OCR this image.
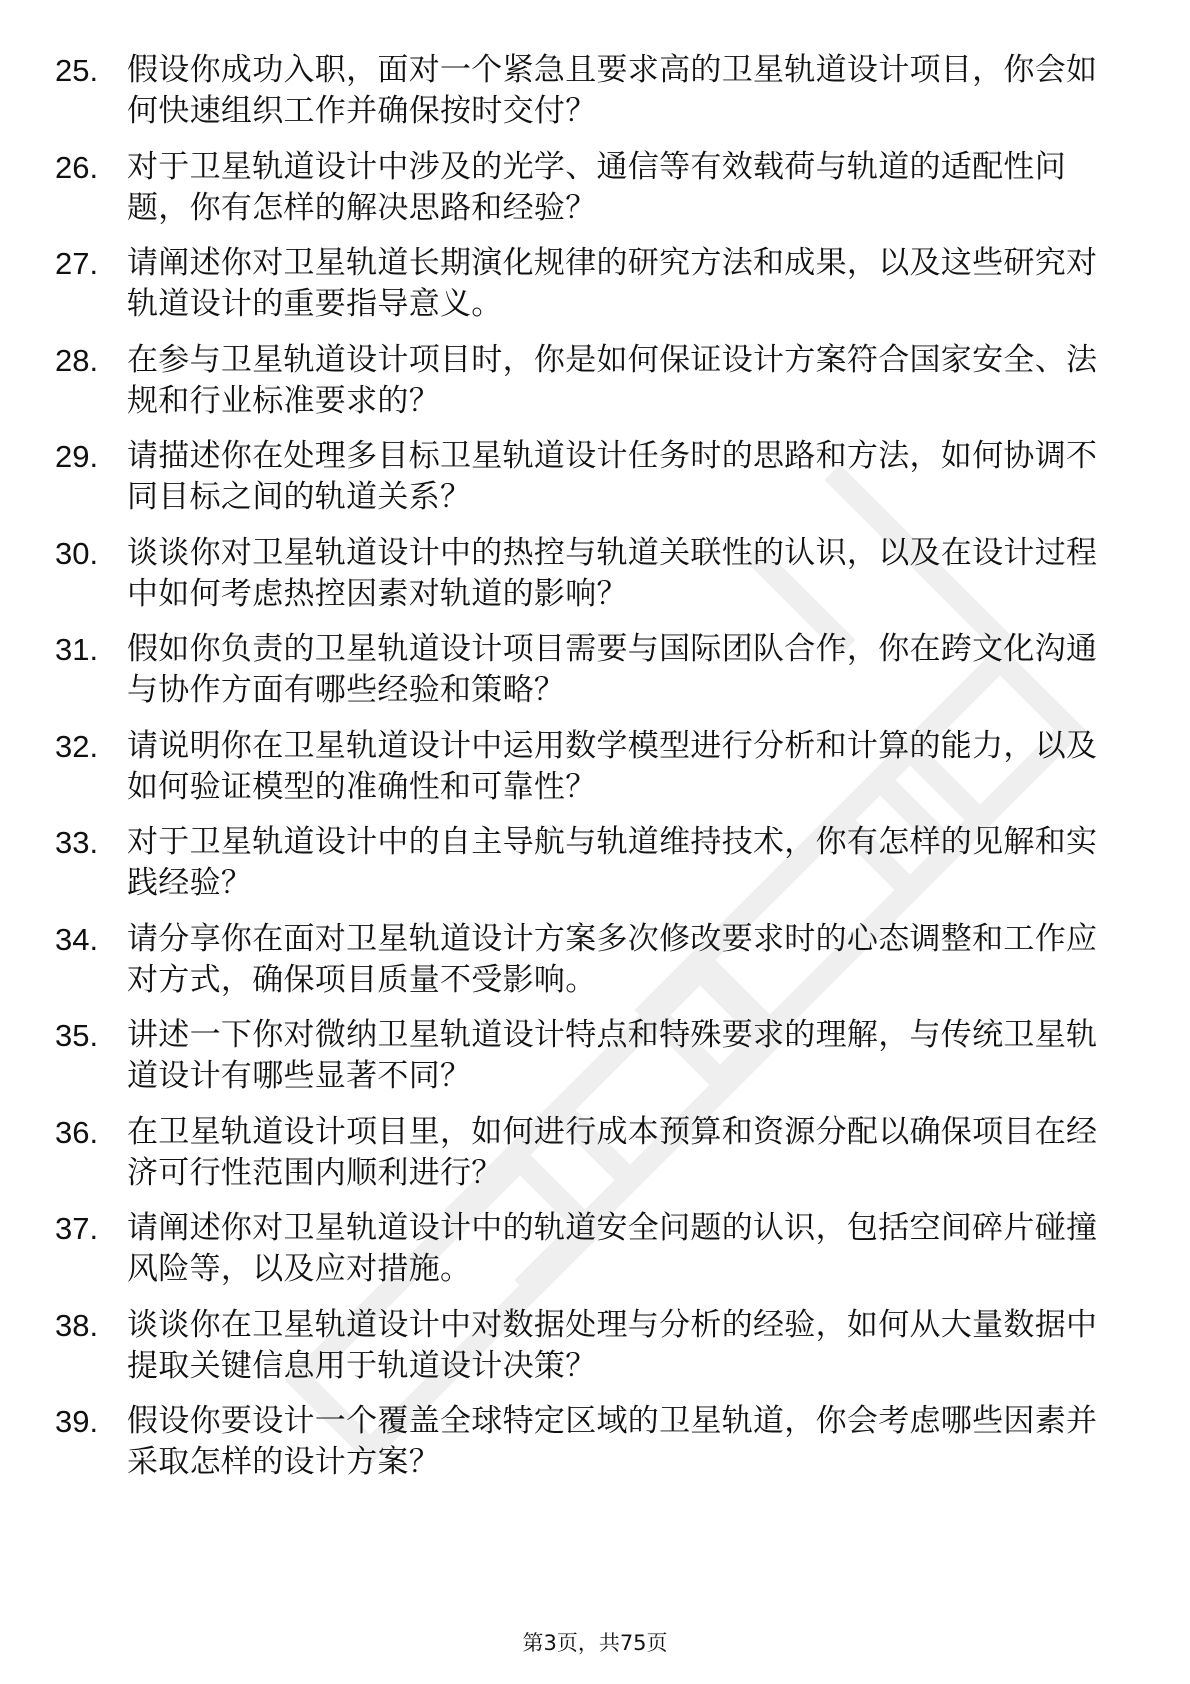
25. 假设你成功入职，面对一个紧急且要求高的卫星轨道设计项目，你会如何快速组织工作并确保按时交付？
26. 对于卫星轨道设计中涉及的光学、通信等有效载荷与轨道的适配性问题，你有怎样的解决思路和经验？
27. 请阐述你对卫星轨道长期演化规律的研究方法和成果，以及这些研究对轨道设计的重要指导意义。
28. 在参与卫星轨道设计项目时，你是如何保证设计方案符合国家安全、法规和行业标准要求的？
29. 请描述你在处理多目标卫星轨道设计任务时的思路和方法，如何协调不同目标之间的轨道关系？
30. 谈谈你对卫星轨道设计中的热控与轨道关联性的认识，以及在设计过程中如何考虑热控因素对轨道的影响？
31. 假如你负责的卫星轨道设计项目需要与国际团队合作，你在跨文化沟通与协作方面有哪些经验和策略？
32. 请说明你在卫星轨道设计中运用数学模型进行分析和计算的能力，以及如何验证模型的准确性和可靠性？
33. 对于卫星轨道设计中的自主导航与轨道维持技术，你有怎样的见解和实践经验？
34. 请分享你在面对卫星轨道设计方案多次修改要求时的心态调整和工作应对方式，确保项目质量不受影响。
35. 讲述一下你对微纳卫星轨道设计特点和特殊要求的理解，与传统卫星轨道设计有哪些显著不同？
36. 在卫星轨道设计项目里，如何进行成本预算和资源分配以确保项目在经济可行性范围内顺利进行？
37. 请阐述你对卫星轨道设计中的轨道安全问题的认识，包括空间碎片碰撞风险等，以及应对措施。
38. 谈谈你在卫星轨道设计中对数据处理与分析的经验，如何从大量数据中提取关键信息用于轨道设计决策？
39. 假设你要设计一个覆盖全球特定区域的卫星轨道，你会考虑哪些因素并采取怎样的设计方案？
第3页，共75页
